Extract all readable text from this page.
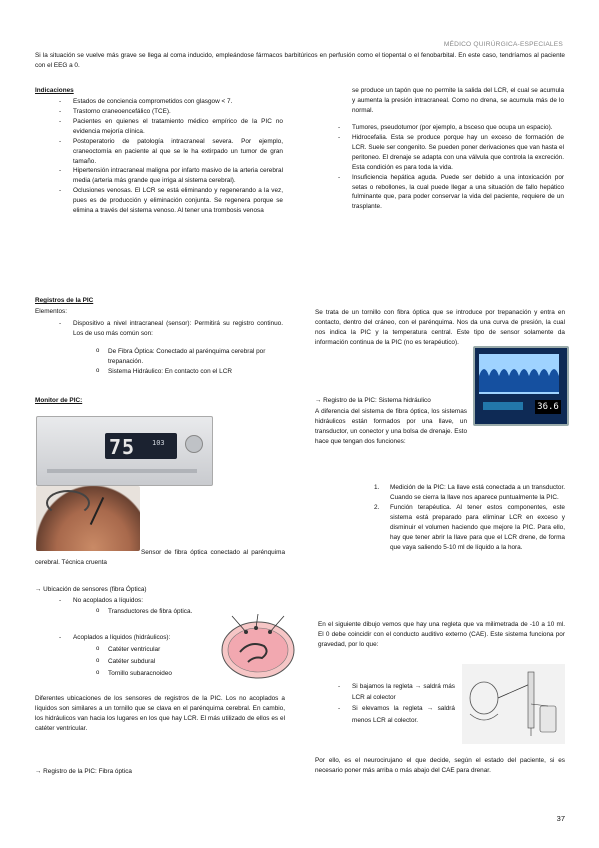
MÉDICO QUIRÚRGICA-ESPECIALES

Si la situación se vuelve más grave se llega al coma inducido, empleándose fármacos barbitúricos en perfusión como el tiopental o el fenobarbital. En este caso, tendríamos al paciente con el EEG a 0.

Indicaciones
- Estados de conciencia comprometidos con glasgow < 7.
- Trastorno craneoencefálico (TCE).
- Pacientes en quienes el tratamiento médico empírico de la PIC no evidencia mejoría clínica.
- Postoperatorio de patología intracraneal severa. Por ejemplo, craneoctomía en paciente al que se le ha extirpado un tumor de gran tamaño.
- Hipertensión intracraneal maligna por infarto masivo de la arteria cerebral media (arteria más grande que irriga al sistema cerebral).
- Oclusiones venosas. El LCR se está eliminando y regenerando a la vez, pues es de producción y eliminación conjunta. Se regenera porque se elimina a través del sistema venoso. Al tener una trombosis venosa

se produce un tapón que no permite la salida del LCR, el cual se acumula y aumenta la presión intracraneal. Como no drena, se acumula más de lo normal.

- Tumores, pseudotumor (por ejemplo, a bsceso que ocupa un espacio).
- Hidrocefalia. Esta se produce porque hay un exceso de formación de LCR. Suele ser congenito. Se pueden poner derivaciones que van hasta el peritoneo. El drenaje se adapta con una válvula que controla la excreción. Esta condición es para toda la vida.
- Insuficiencia hepática aguda. Puede ser debido a una intoxicación por setas o rebollones, la cual puede llegar a una situación de fallo hepático fulminante que, para poder conservar la vida del paciente, requiere de un trasplante.
Registros de la PIC
Elementos:
- Dispositivo a nivel intracraneal (sensor): Permitirá su registro continuo. Los de uso más común son:
o De Fibra Óptica: Conectado al parénquima cerebral por trepanación.
o Sistema Hidráulico: En contacto con el LCR
Monitor de PIC:
75 103

Sensor de fibra óptica conectado al parénquima cerebral. Técnica cruenta

→ Ubicación de sensores (fibra Óptica)
- No acoplados a líquidos:
o Transductores de fibra óptica.
- Acoplados a líquidos (hidráulicos):
o Catéter ventricular
o Catéter subdural
o Tornillo subaracnoideo

Diferentes ubicaciones de los sensores de registros de la PIC. Los no acoplados a líquidos son similares a un tornillo que se clava en el parénquima cerebral. En cambio, los hidráulicos van hacia los lugares en los que hay LCR. El más utilizado de ellos es el catéter ventricular.

→ Registro de la PIC: Fibra óptica

Se trata de un tornillo con fibra óptica que se introduce por trepanación y entra en contacto, dentro del cráneo, con el parénquima. Nos da una curva de presión, la cual nos indica la PIC y la temperatura central. Este tipo de sensor solamente da información continua de la PIC (no es terapéutico).

36.6
→ Registro de la PIC: Sistema hidráulico

A diferencia del sistema de fibra óptica, los sistemas hidráulicos están formados por una llave, un transductor, un conector y una bolsa de drenaje. Esto hace que tengan dos funciones:

1. Medición de la PIC: La llave está conectada a un transductor. Cuando se cierra la llave nos aparece puntualmente la PIC.
2. Función terapéutica. Al tener estos componentes, este sistema está preparado para eliminar LCR en exceso y disminuir el volumen haciendo que mejore la PIC. Para ello, hay que tener abrir la llave para que el LCR drene, de forma que vaya saliendo 5-10 ml de líquido a la hora.

En el siguiente dibujo vemos que hay una regleta que va milimetrada de -10 a 10 ml. El 0 debe coincidir con el conducto auditivo externo (CAE). Este sistema funciona por gravedad, por lo que:

- Si bajamos la regleta → saldrá más LCR al colector
- Si elevamos la regleta → saldrá menos LCR al colector.

Por ello, es el neurocirujano el que decide, según el estado del paciente, si es necesario poner más arriba o más abajo del CAE para drenar.

37
